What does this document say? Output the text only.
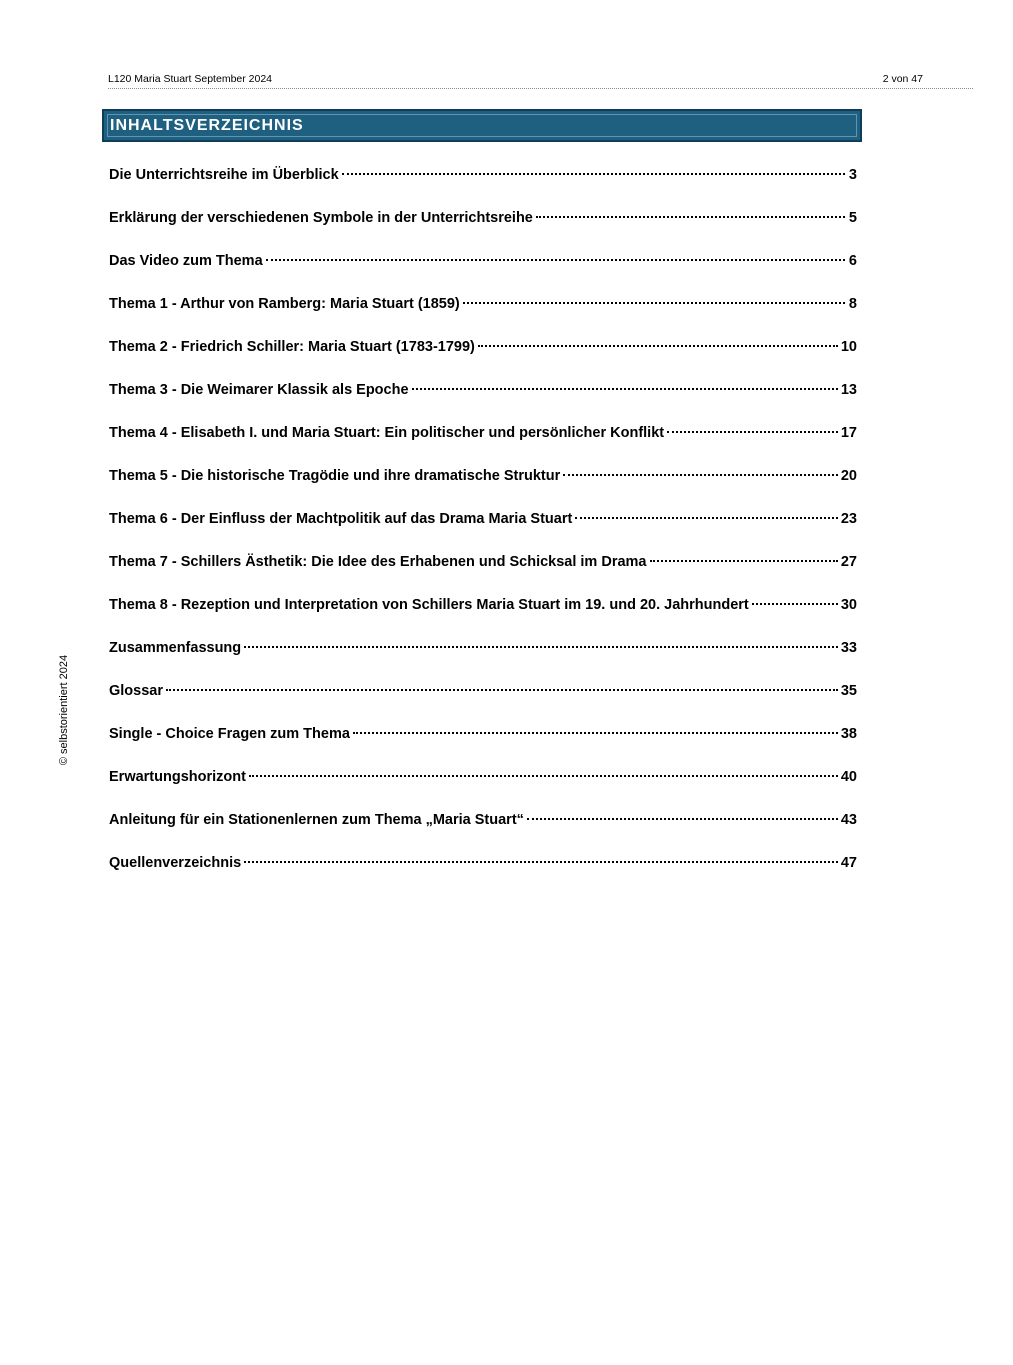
L120 Maria Stuart September 2024	2 von 47
INHALTSVERZEICHNIS
Die Unterrichtsreihe im Überblick	3
Erklärung der verschiedenen Symbole in der Unterrichtsreihe	5
Das Video zum Thema	6
Thema 1 - Arthur von Ramberg: Maria Stuart (1859)	8
Thema 2 - Friedrich Schiller: Maria Stuart (1783-1799)	10
Thema 3 - Die Weimarer Klassik als Epoche	13
Thema 4 - Elisabeth I. und Maria Stuart: Ein politischer und persönlicher Konflikt	17
Thema 5 - Die historische Tragödie und ihre dramatische Struktur	20
Thema 6 - Der Einfluss der Machtpolitik auf das Drama Maria Stuart	23
Thema 7 - Schillers Ästhetik: Die Idee des Erhabenen und Schicksal im Drama	27
Thema 8 - Rezeption und Interpretation von Schillers Maria Stuart im 19. und 20. Jahrhundert	30
Zusammenfassung	33
Glossar	35
Single - Choice Fragen zum Thema	38
Erwartungshorizont	40
Anleitung für ein Stationenlernen zum Thema „Maria Stuart“	43
Quellenverzeichnis	47
© selbstorientiert 2024
